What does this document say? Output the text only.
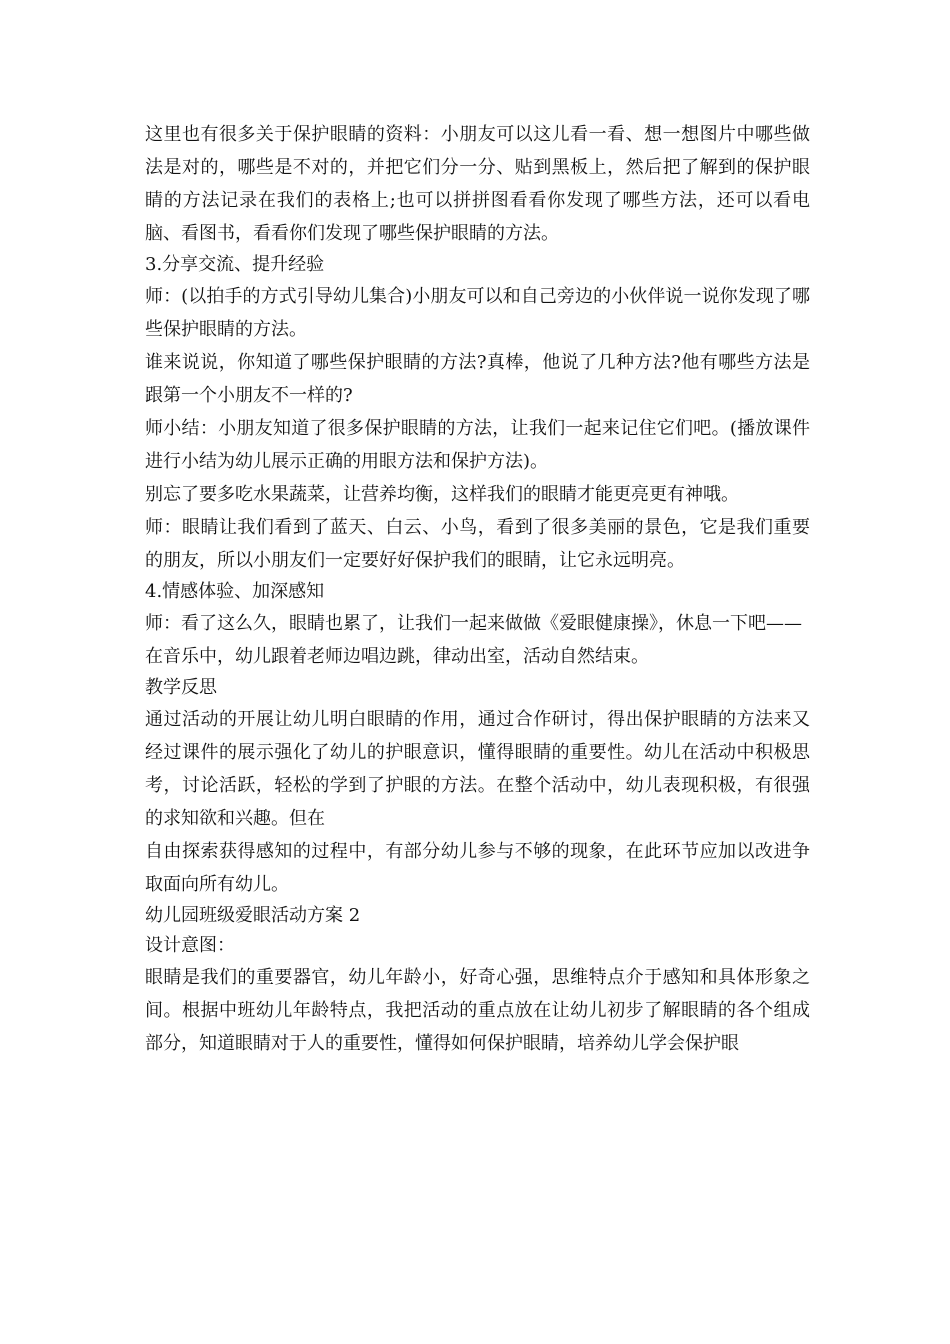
这里也有很多关于保护眼睛的资料：小朋友可以这儿看一看、想一想图片中哪些做法是对的，哪些是不对的，并把它们分一分、贴到黑板上，然后把了解到的保护眼睛的方法记录在我们的表格上;也可以拼拼图看看你发现了哪些方法，还可以看电脑、看图书，看看你们发现了哪些保护眼睛的方法。

3.分享交流、提升经验

师：(以拍手的方式引导幼儿集合)小朋友可以和自己旁边的小伙伴说一说你发现了哪些保护眼睛的方法。

谁来说说，你知道了哪些保护眼睛的方法?真棒，他说了几种方法?他有哪些方法是跟第一个小朋友不一样的?

师小结：小朋友知道了很多保护眼睛的方法，让我们一起来记住它们吧。(播放课件进行小结为幼儿展示正确的用眼方法和保护方法)。

别忘了要多吃水果蔬菜，让营养均衡，这样我们的眼睛才能更亮更有神哦。

师：眼睛让我们看到了蓝天、白云、小鸟，看到了很多美丽的景色，它是我们重要的朋友，所以小朋友们一定要好好保护我们的眼睛，让它永远明亮。

4.情感体验、加深感知

师：看了这么久，眼睛也累了，让我们一起来做做《爱眼健康操》，休息一下吧——

在音乐中，幼儿跟着老师边唱边跳，律动出室，活动自然结束。

教学反思

通过活动的开展让幼儿明白眼睛的作用，通过合作研讨，得出保护眼睛的方法来又经过课件的展示强化了幼儿的护眼意识，懂得眼睛的重要性。幼儿在活动中积极思考，讨论活跃，轻松的学到了护眼的方法。在整个活动中，幼儿表现积极，有很强的求知欲和兴趣。但在

自由探索获得感知的过程中，有部分幼儿参与不够的现象，在此环节应加以改进争取面向所有幼儿。

幼儿园班级爱眼活动方案 2

设计意图：

眼睛是我们的重要器官，幼儿年龄小，好奇心强，思维特点介于感知和具体形象之间。根据中班幼儿年龄特点，我把活动的重点放在让幼儿初步了解眼睛的各个组成部分，知道眼睛对于人的重要性，懂得如何保护眼睛，培养幼儿学会保护眼
